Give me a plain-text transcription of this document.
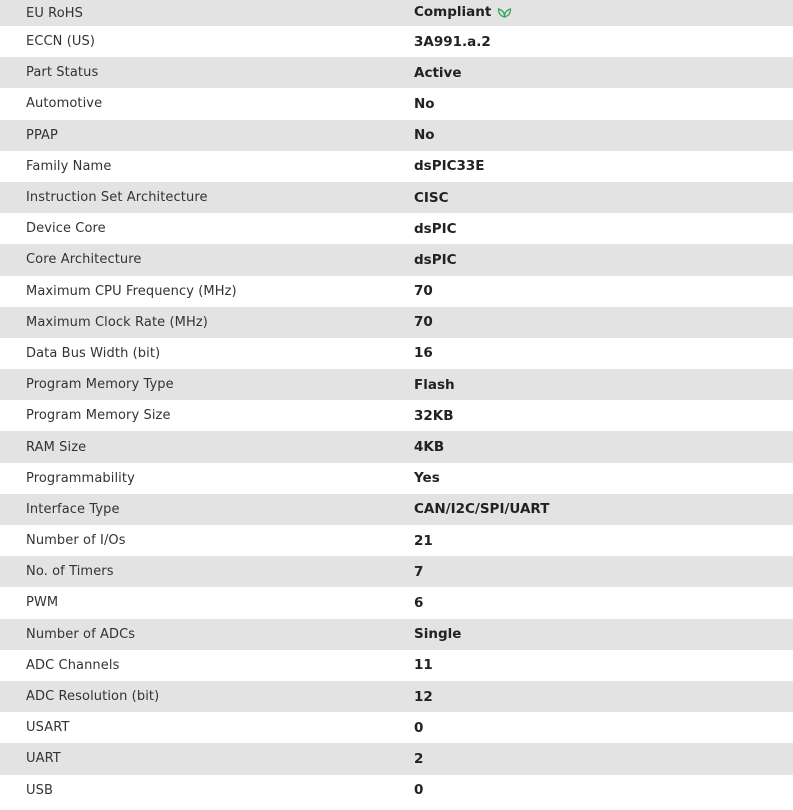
EU RoHS	Compliant
ECCN (US)	3A991.a.2
Part Status	Active
Automotive	No
PPAP	No
Family Name	dsPIC33E
Instruction Set Architecture	CISC
Device Core	dsPIC
Core Architecture	dsPIC
Maximum CPU Frequency (MHz)	70
Maximum Clock Rate (MHz)	70
Data Bus Width (bit)	16
Program Memory Type	Flash
Program Memory Size	32KB
RAM Size	4KB
Programmability	Yes
Interface Type	CAN/I2C/SPI/UART
Number of I/Os	21
No. of Timers	7
PWM	6
Number of ADCs	Single
ADC Channels	11
ADC Resolution (bit)	12
USART	0
UART	2
USB	0
